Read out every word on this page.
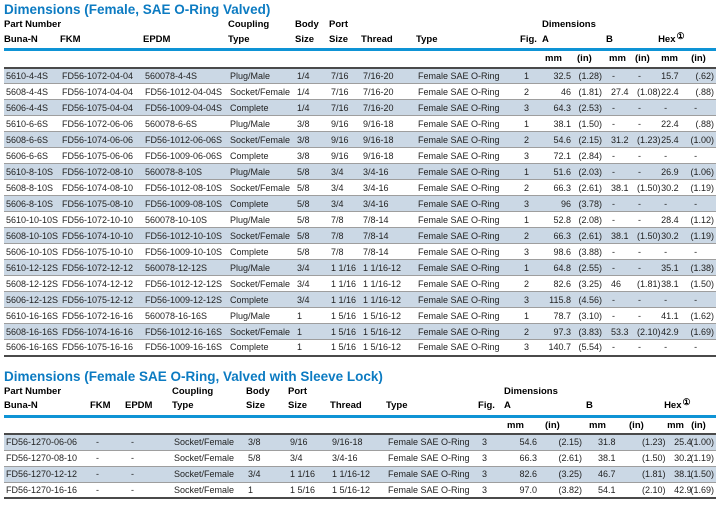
Dimensions (Female, SAE O-Ring Valved)
Part Number			Coupling	Body	Port				Dimensions					
Buna-N	FKM	EPDM	Type	Size	Size	Thread	Type	Fig.	A		B		Hex①	
									mm	(in)	mm	(in)	mm	(in)
5610-4-4S	FD56-1072-04-04	560078-4-4S	Plug/Male	1/4	7/16	7/16-20	Female SAE O-Ring	1	32.5	(1.28)	-	-	15.7	(.62)
5608-4-4S	FD56-1074-04-04	FD56-1012-04-04S	Socket/Female	1/4	7/16	7/16-20	Female SAE O-Ring	2	46	(1.81)	27.4	(1.08)	22.4	(.88)
5606-4-4S	FD56-1075-04-04	FD56-1009-04-04S	Complete	1/4	7/16	7/16-20	Female SAE O-Ring	3	64.3	(2.53)	-	-	-	-
5610-6-6S	FD56-1072-06-06	560078-6-6S	Plug/Male	3/8	9/16	9/16-18	Female SAE O-Ring	1	38.1	(1.50)	-	-	22.4	(.88)
5608-6-6S	FD56-1074-06-06	FD56-1012-06-06S	Socket/Female	3/8	9/16	9/16-18	Female SAE O-Ring	2	54.6	(2.15)	31.2	(1.23)	25.4	(1.00)
5606-6-6S	FD56-1075-06-06	FD56-1009-06-06S	Complete	3/8	9/16	9/16-18	Female SAE O-Ring	3	72.1	(2.84)	-	-	-	-
5610-8-10S	FD56-1072-08-10	560078-8-10S	Plug/Male	5/8	3/4	3/4-16	Female SAE O-Ring	1	51.6	(2.03)	-	-	26.9	(1.06)
5608-8-10S	FD56-1074-08-10	FD56-1012-08-10S	Socket/Female	5/8	3/4	3/4-16	Female SAE O-Ring	2	66.3	(2.61)	38.1	(1.50)	30.2	(1.19)
5606-8-10S	FD56-1075-08-10	FD56-1009-08-10S	Complete	5/8	3/4	3/4-16	Female SAE O-Ring	3	96	(3.78)	-	-	-	-
5610-10-10S	FD56-1072-10-10	560078-10-10S	Plug/Male	5/8	7/8	7/8-14	Female SAE O-Ring	1	52.8	(2.08)	-	-	28.4	(1.12)
5608-10-10S	FD56-1074-10-10	FD56-1012-10-10S	Socket/Female	5/8	7/8	7/8-14	Female SAE O-Ring	2	66.3	(2.61)	38.1	(1.50)	30.2	(1.19)
5606-10-10S	FD56-1075-10-10	FD56-1009-10-10S	Complete	5/8	7/8	7/8-14	Female SAE O-Ring	3	98.6	(3.88)	-	-	-	-
5610-12-12S	FD56-1072-12-12	560078-12-12S	Plug/Male	3/4	1 1/16	1 1/16-12	Female SAE O-Ring	1	64.8	(2.55)	-	-	35.1	(1.38)
5608-12-12S	FD56-1074-12-12	FD56-1012-12-12S	Socket/Female	3/4	1 1/16	1 1/16-12	Female SAE O-Ring	2	82.6	(3.25)	46	(1.81)	38.1	(1.50)
5606-12-12S	FD56-1075-12-12	FD56-1009-12-12S	Complete	3/4	1 1/16	1 1/16-12	Female SAE O-Ring	3	115.8	(4.56)	-	-	-	-
5610-16-16S	FD56-1072-16-16	560078-16-16S	Plug/Male	1	1 5/16	1 5/16-12	Female SAE O-Ring	1	78.7	(3.10)	-	-	41.1	(1.62)
5608-16-16S	FD56-1074-16-16	FD56-1012-16-16S	Socket/Female	1	1 5/16	1 5/16-12	Female SAE O-Ring	2	97.3	(3.83)	53.3	(2.10)	42.9	(1.69)
5606-16-16S	FD56-1075-16-16	FD56-1009-16-16S	Complete	1	1 5/16	1 5/16-12	Female SAE O-Ring	3	140.7	(5.54)	-	-	-	-
Dimensions (Female SAE O-Ring, Valved with Sleeve Lock)
Part Number			Coupling	Body	Port				Dimensions					
Buna-N	FKM	EPDM	Type	Size	Size	Thread	Type	Fig.	A		B		Hex①	
									mm	(in)	mm	(in)	mm	(in)
FD56-1270-06-06	-	-	Socket/Female	3/8	9/16	9/16-18	Female SAE O-Ring	3	54.6	(2.15)	31.8	(1.23)	25.4	(1.00)
FD56-1270-08-10	-	-	Socket/Female	5/8	3/4	3/4-16	Female SAE O-Ring	3	66.3	(2.61)	38.1	(1.50)	30.2	(1.19)
FD56-1270-12-12	-	-	Socket/Female	3/4	1 1/16	1 1/16-12	Female SAE O-Ring	3	82.6	(3.25)	46.7	(1.81)	38.1	(1.50)
FD56-1270-16-16	-	-	Socket/Female	1	1 5/16	1 5/16-12	Female SAE O-Ring	3	97.0	(3.82)	54.1	(2.10)	42.9	(1.69)
